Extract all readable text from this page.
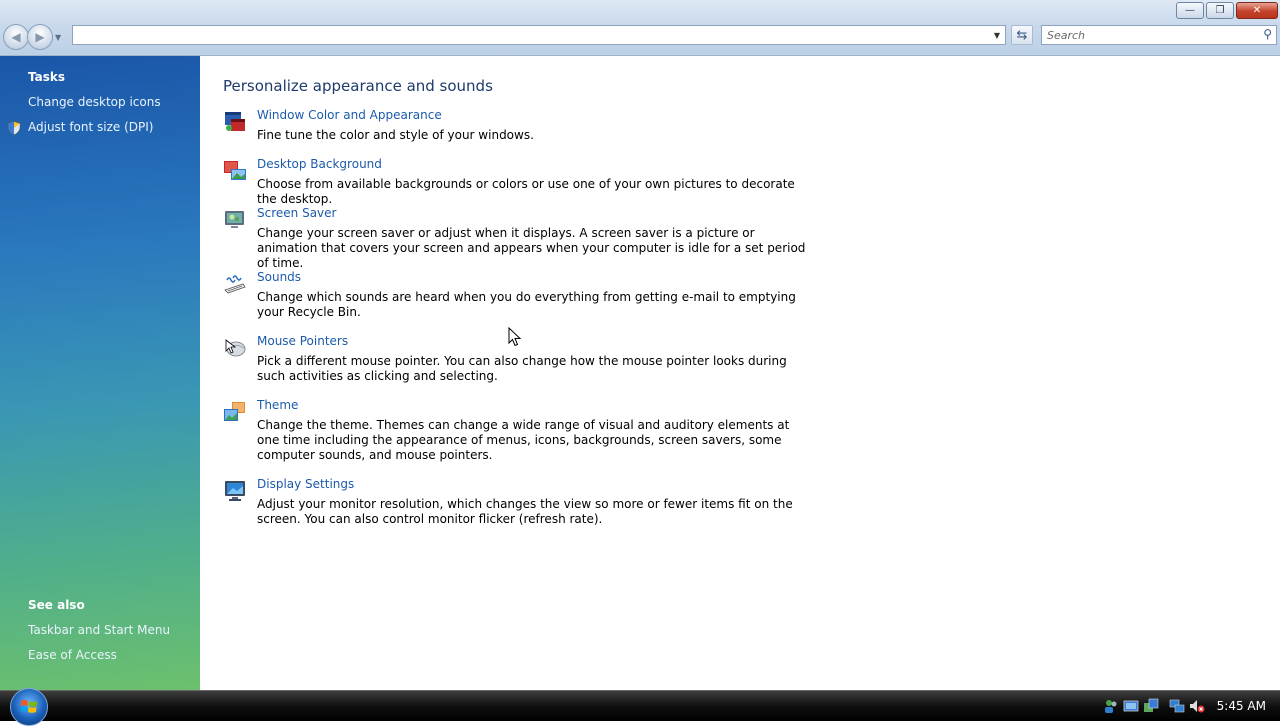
—	❐	✕
◀ ▶ ▼	▼	⇆
Search	⚲
Tasks
Change desktop icons
Adjust font size (DPI)
See also
Taskbar and Start Menu
Ease of Access
Personalize appearance and sounds
Window Color and Appearance
Fine tune the color and style of your windows.
Desktop Background
Choose from available backgrounds or colors or use one of your own pictures to decorate the desktop.
Screen Saver
Change your screen saver or adjust when it displays. A screen saver is a picture or animation that covers your screen and appears when your computer is idle for a set period of time.
Sounds
Change which sounds are heard when you do everything from getting e-mail to emptying your Recycle Bin.
Mouse Pointers
Pick a different mouse pointer. You can also change how the mouse pointer looks during such activities as clicking and selecting.
Theme
Change the theme. Themes can change a wide range of visual and auditory elements at one time including the appearance of menus, icons, backgrounds, screen savers, some computer sounds, and mouse pointers.
Display Settings
Adjust your monitor resolution, which changes the view so more or fewer items fit on the screen. You can also control monitor flicker (refresh rate).
5:45 AM
